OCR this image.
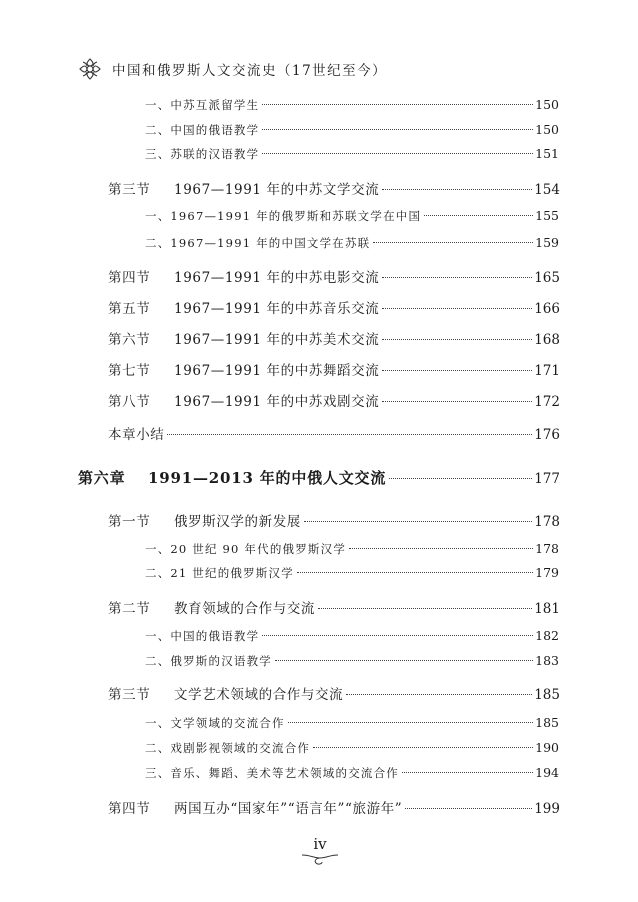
中国和俄罗斯人文交流史（17世纪至今）
一、中苏互派留学生	150
二、中国的俄语教学	150
三、苏联的汉语教学	151
第三节 1967—1991 年的中苏文学交流	154
一、1967—1991 年的俄罗斯和苏联文学在中国	155
二、1967—1991 年的中国文学在苏联	159
第四节 1967—1991 年的中苏电影交流	165
第五节 1967—1991 年的中苏音乐交流	166
第六节 1967—1991 年的中苏美术交流	168
第七节 1967—1991 年的中苏舞蹈交流	171
第八节 1967—1991 年的中苏戏剧交流	172
本章小结	176
第六章 1991—2013 年的中俄人文交流	177
第一节 俄罗斯汉学的新发展	178
一、20 世纪 90 年代的俄罗斯汉学	178
二、21 世纪的俄罗斯汉学	179
第二节 教育领域的合作与交流	181
一、中国的俄语教学	182
二、俄罗斯的汉语教学	183
第三节 文学艺术领域的合作与交流	185
一、文学领域的交流合作	185
二、戏剧影视领域的交流合作	190
三、音乐、舞蹈、美术等艺术领域的交流合作	194
第四节 两国互办“国家年”“语言年”“旅游年”	199
iv
